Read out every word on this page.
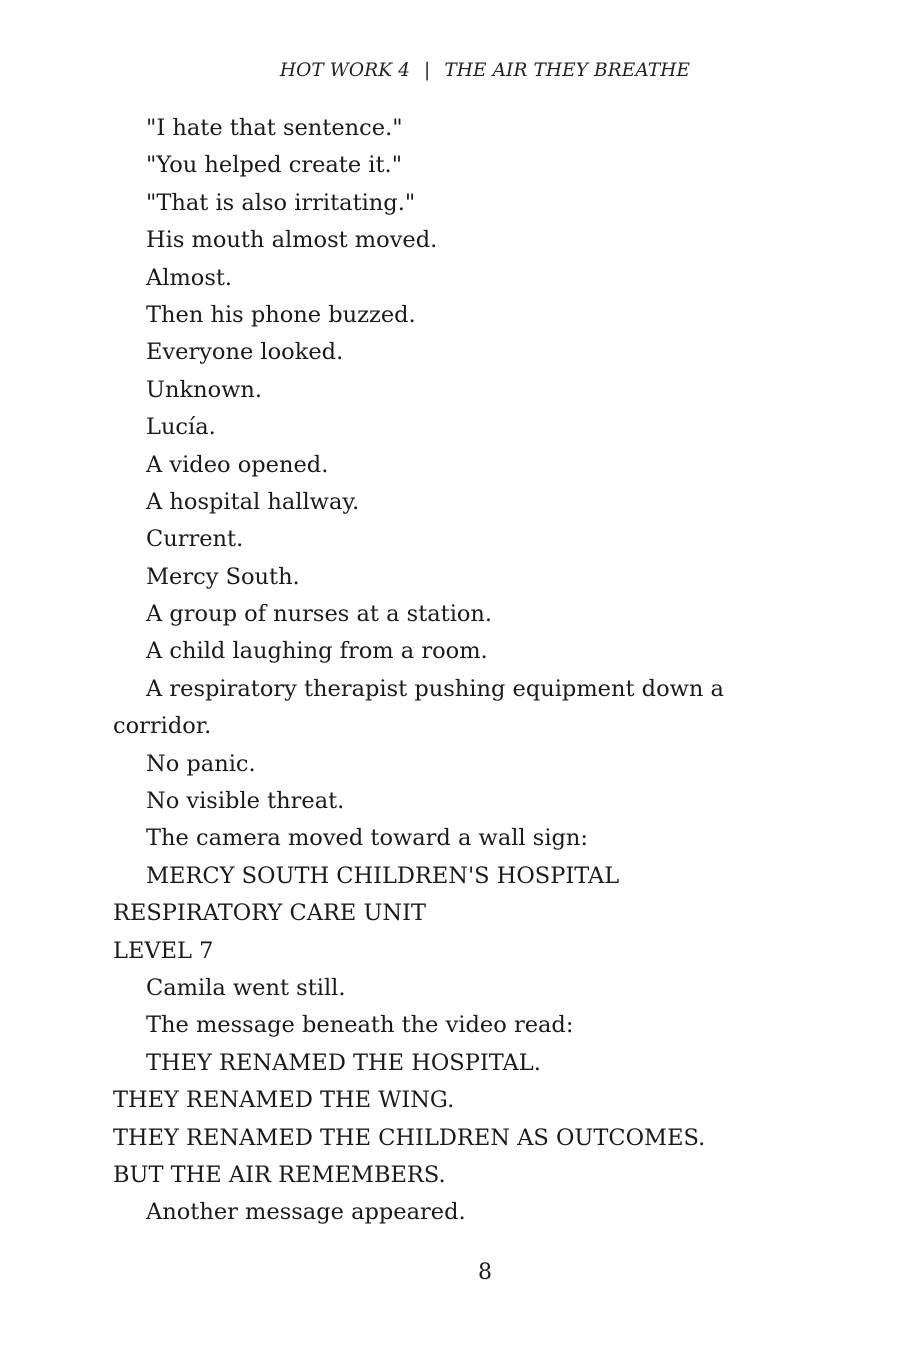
HOT WORK 4 | THE AIR THEY BREATHE
"I hate that sentence."
"You helped create it."
"That is also irritating."
His mouth almost moved.
Almost.
Then his phone buzzed.
Everyone looked.
Unknown.
Lucía.
A video opened.
A hospital hallway.
Current.
Mercy South.
A group of nurses at a station.
A child laughing from a room.
A respiratory therapist pushing equipment down a
corridor.
No panic.
No visible threat.
The camera moved toward a wall sign:
MERCY SOUTH CHILDREN'S HOSPITAL
RESPIRATORY CARE UNIT
LEVEL 7
Camila went still.
The message beneath the video read:
THEY RENAMED THE HOSPITAL.
THEY RENAMED THE WING.
THEY RENAMED THE CHILDREN AS OUTCOMES.
BUT THE AIR REMEMBERS.
Another message appeared.
8
